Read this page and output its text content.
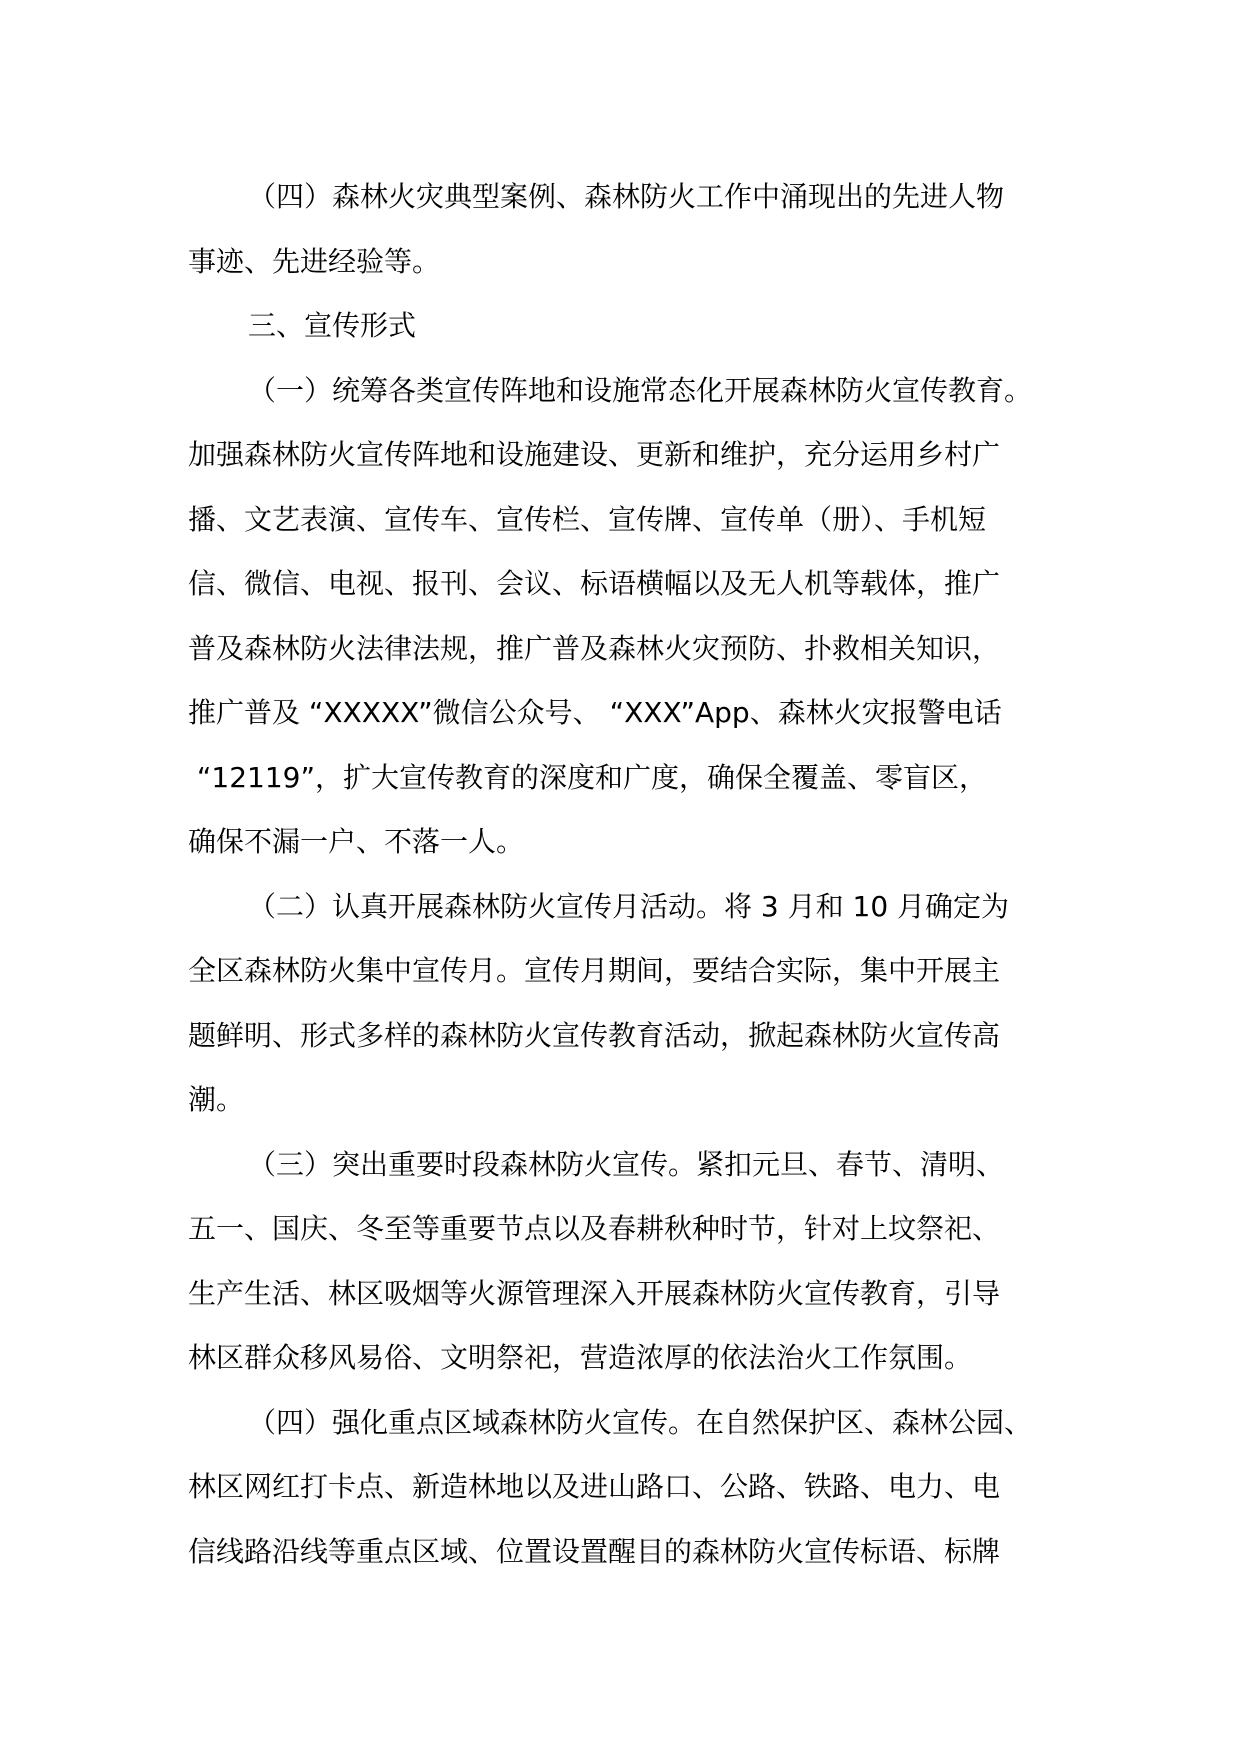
（四）森林火灾典型案例、森林防火工作中涌现出的先进人物
事迹、先进经验等。
三、宣传形式
（一）统筹各类宣传阵地和设施常态化开展森林防火宣传教育。
加强森林防火宣传阵地和设施建设、更新和维护，充分运用乡村广
播、文艺表演、宣传车、宣传栏、宣传牌、宣传单（册）、手机短
信、微信、电视、报刊、会议、标语横幅以及无人机等载体，推广
普及森林防火法律法规，推广普及森林火灾预防、扑救相关知识，
推广普及 “XXXXX”微信公众号、 “XXX”App、森林火灾报警电话
“12119”，扩大宣传教育的深度和广度，确保全覆盖、零盲区，
确保不漏一户、不落一人。
（二）认真开展森林防火宣传月活动。将 3 月和 10 月确定为
全区森林防火集中宣传月。宣传月期间，要结合实际，集中开展主
题鲜明、形式多样的森林防火宣传教育活动，掀起森林防火宣传高
潮。
（三）突出重要时段森林防火宣传。紧扣元旦、春节、清明、
五一、国庆、冬至等重要节点以及春耕秋种时节，针对上坟祭祀、
生产生活、林区吸烟等火源管理深入开展森林防火宣传教育，引导
林区群众移风易俗、文明祭祀，营造浓厚的依法治火工作氛围。
（四）强化重点区域森林防火宣传。在自然保护区、森林公园、
林区网红打卡点、新造林地以及进山路口、公路、铁路、电力、电
信线路沿线等重点区域、位置设置醒目的森林防火宣传标语、标牌
